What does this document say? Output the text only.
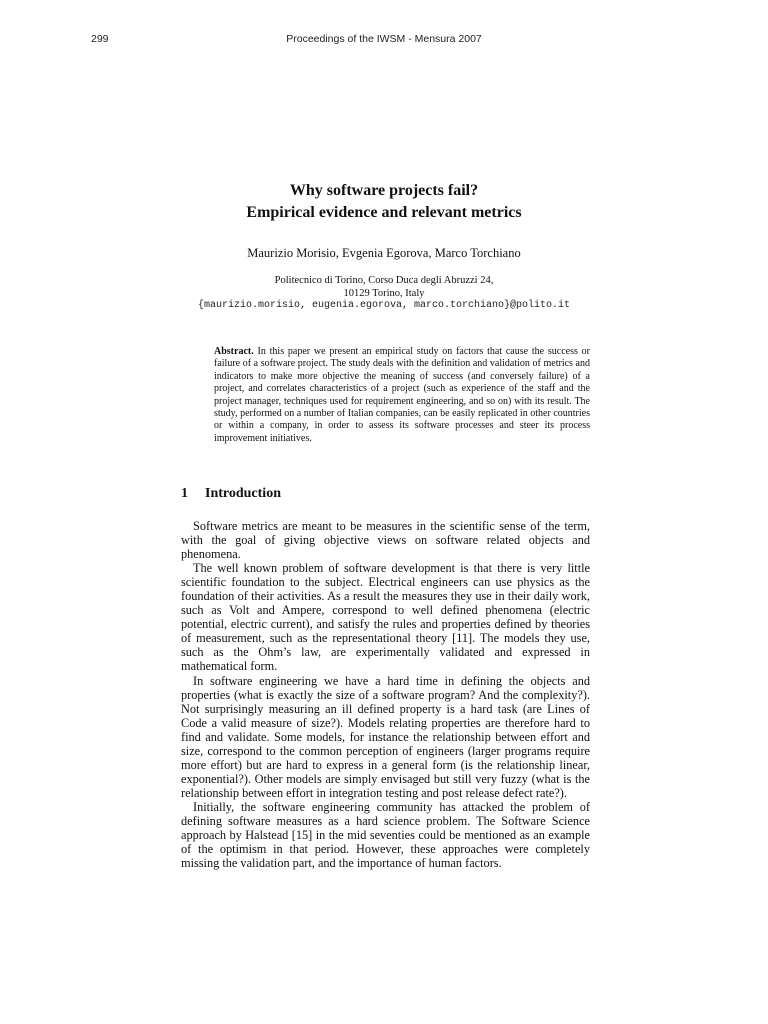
299	Proceedings of the IWSM - Mensura 2007
Why software projects fail?
Empirical evidence and relevant metrics
Maurizio Morisio, Evgenia Egorova, Marco Torchiano
Politecnico di Torino, Corso Duca degli Abruzzi 24,
10129 Torino, Italy
{maurizio.morisio, eugenia.egorova, marco.torchiano}@polito.it
Abstract. In this paper we present an empirical study on factors that cause the success or failure of a software project. The study deals with the definition and validation of metrics and indicators to make more objective the meaning of success (and conversely failure) of a project, and correlates characteristics of a project (such as experience of the staff and the project manager, techniques used for requirement engineering, and so on) with its result. The study, performed on a number of Italian companies, can be easily replicated in other countries or within a company, in order to assess its software processes and steer its process improvement initiatives.
1 Introduction

Software metrics are meant to be measures in the scientific sense of the term, with the goal of giving objective views on software related objects and phenomena.

The well known problem of software development is that there is very little scientific foundation to the subject. Electrical engineers can use physics as the foundation of their activities. As a result the measures they use in their daily work, such as Volt and Ampere, correspond to well defined phenomena (electric potential, electric current), and satisfy the rules and properties defined by theories of measurement, such as the representational theory [11]. The models they use, such as the Ohm’s law, are experimentally validated and expressed in mathematical form.

In software engineering we have a hard time in defining the objects and properties (what is exactly the size of a software program? And the complexity?). Not surprisingly measuring an ill defined property is a hard task (are Lines of Code a valid measure of size?). Models relating properties are therefore hard to find and validate. Some models, for instance the relationship between effort and size, correspond to the common perception of engineers (larger programs require more effort) but are hard to express in a general form (is the relationship linear, exponential?). Other models are simply envisaged but still very fuzzy (what is the relationship between effort in integration testing and post release defect rate?).

Initially, the software engineering community has attacked the problem of defining software measures as a hard science problem. The Software Science approach by Halstead [15] in the mid seventies could be mentioned as an example of the optimism in that period. However, these approaches were completely missing the validation part, and the importance of human factors.
